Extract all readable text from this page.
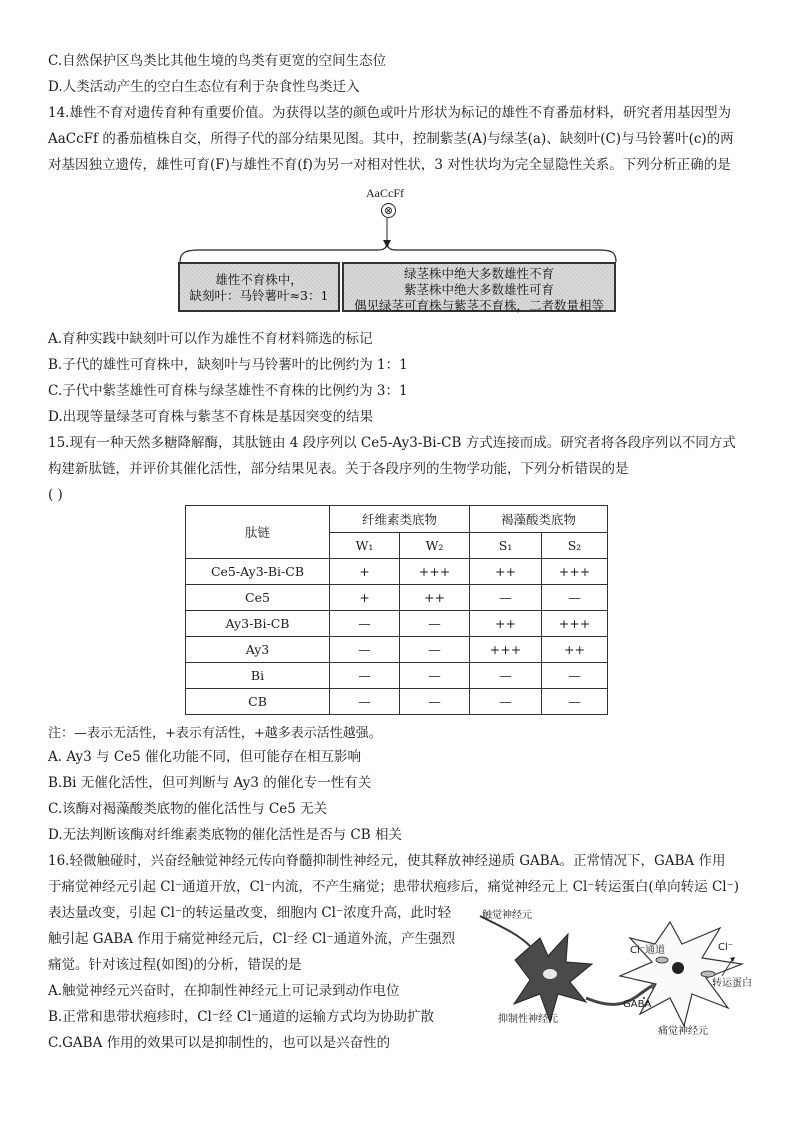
C.自然保护区鸟类比其他生境的鸟类有更宽的空间生态位
D.人类活动产生的空白生态位有利于杂食性鸟类迁入
14.雄性不育对遗传育种有重要价值。为获得以茎的颜色或叶片形状为标记的雄性不育番茄材料，研究者用基因型为
AaCcFf 的番茄植株自交，所得子代的部分结果见图。其中，控制紫茎(A)与绿茎(a)、缺刻叶(C)与马铃薯叶(c)的两
对基因独立遗传，雄性可育(F)与雄性不育(f)为另一对相对性状，3 对性状均为完全显隐性关系。下列分析正确的是
AaCcFf
⊗
雄性不育株中，
缺刻叶：马铃薯叶≈3：1
绿茎株中绝大多数雄性不育
紫茎株中绝大多数雄性可育
偶见绿茎可育株与紫茎不育株，二者数量相等
A.育种实践中缺刻叶可以作为雄性不育材料筛选的标记
B.子代的雄性可育株中，缺刻叶与马铃薯叶的比例约为 1：1
C.子代中紫茎雄性可育株与绿茎雄性不育株的比例约为 3：1
D.出现等量绿茎可育株与紫茎不育株是基因突变的结果
15.现有一种天然多糖降解酶，其肽链由 4 段序列以 Ce5-Ay3-Bi-CB 方式连接而成。研究者将各段序列以不同方式
构建新肽链，并评价其催化活性，部分结果见表。关于各段序列的生物学功能，下列分析错误的是
( )
肽链	纤维素类底物		褐藻酸类底物	
	W₁	W₂	S₁	S₂
Ce5-Ay3-Bi-CB	+	+++	++	+++
Ce5	+	++	—	—
Ay3-Bi-CB	—	—	++	+++
Ay3	—	—	+++	++
Bi	—	—	—	—
CB	—	—	—	—
注：—表示无活性，+表示有活性，+越多表示活性越强。
A. Ay3 与 Ce5 催化功能不同，但可能存在相互影响
B.Bi 无催化活性，但可判断与 Ay3 的催化专一性有关
C.该酶对褐藻酸类底物的催化活性与 Ce5 无关
D.无法判断该酶对纤维素类底物的催化活性是否与 CB 相关
16.轻微触碰时，兴奋经触觉神经元传向脊髓抑制性神经元，使其释放神经递质 GABA。正常情况下，GABA 作用
于痛觉神经元引起 Cl⁻通道开放，Cl⁻内流，不产生痛觉；患带状疱疹后，痛觉神经元上 Cl⁻转运蛋白(单向转运 Cl⁻)
表达量改变，引起 Cl⁻的转运量改变，细胞内 Cl⁻浓度升高，此时轻
触引起 GABA 作用于痛觉神经元后，Cl⁻经 Cl⁻通道外流，产生强烈
痛觉。针对该过程(如图)的分析，错误的是
A.触觉神经元兴奋时，在抑制性神经元上可记录到动作电位
B.正常和患带状疱疹时，Cl⁻经 Cl⁻通道的运输方式均为协助扩散
C.GABA 作用的效果可以是抑制性的，也可以是兴奋性的
触觉神经元
抑制性神经元
Cl⁻通道	Cl⁻
转运蛋白
GABA
痛觉神经元
